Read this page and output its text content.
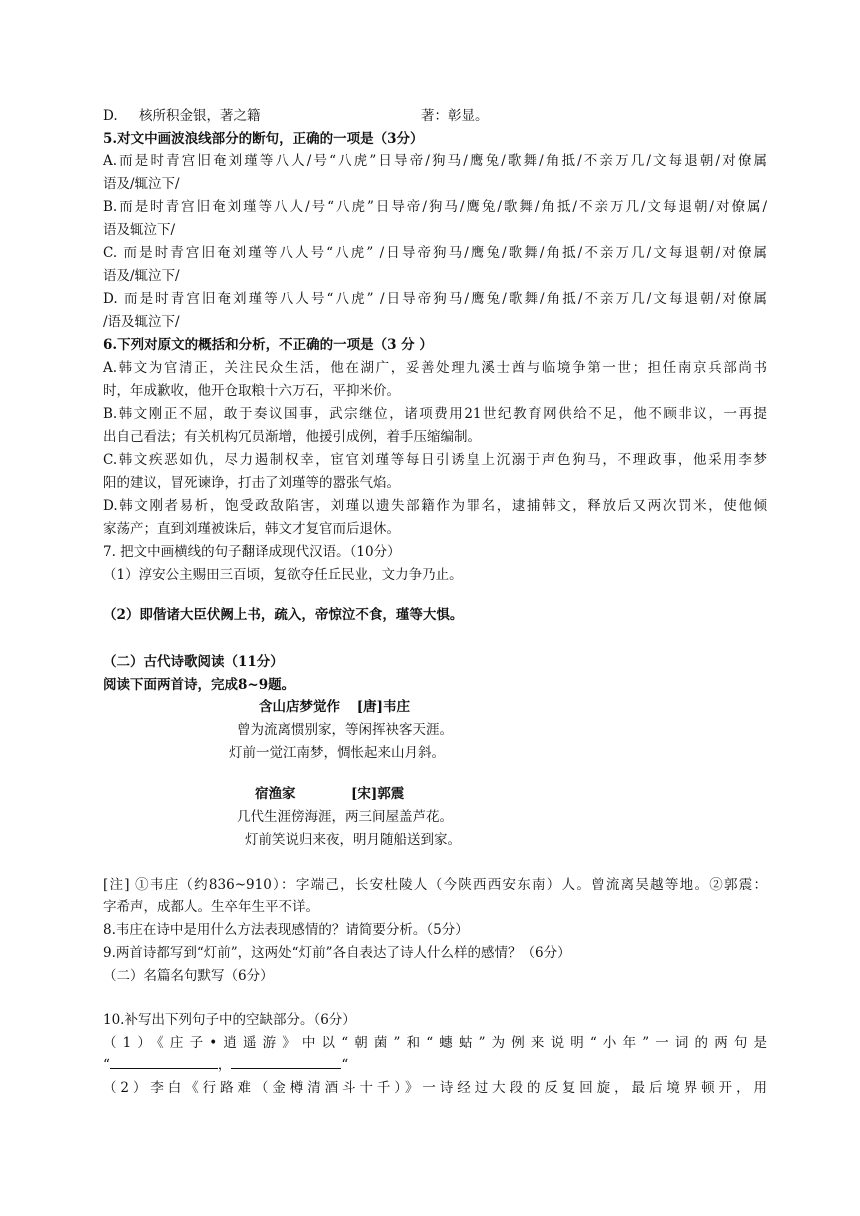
D. 核所积金银，著之籍	著：彰显。
5.对文中画波浪线部分的断句，正确的一项是（3分）
A.而是时青宫旧奄刘瑾等八人/号“八虎”日导帝/狗马/鹰兔/歌舞/角抵/不亲万几/文每退朝/对僚属
语及/辄泣下/
B.而是时青宫旧奄刘瑾等八人/号“八虎”日导帝/狗马/鹰兔/歌舞/角抵/不亲万几/文每退朝/对僚属/
语及辄泣下/
C. 而是时青宫旧奄刘瑾等八人号“八虎” /日导帝狗马/鹰兔/歌舞/角抵/不亲万几/文每退朝/对僚属
语及/辄泣下/
D. 而是时青宫旧奄刘瑾等八人号“八虎” /日导帝狗马/鹰兔/歌舞/角抵/不亲万几/文每退朝/对僚属
/语及辄泣下/
6.下列对原文的概括和分析，不正确的一项是（3 分 ）
A.韩文为官清正，关注民众生活，他在湖广，妥善处理九溪士酋与临境争第一世；担任南京兵部尚书
时，年成歉收，他开仓取粮十六万石，平抑米价。
B.韩文刚正不屈，敢于奏议国事，武宗继位，诸项费用21世纪教育网供给不足，他不顾非议，一再提
出自己看法；有关机构冗员渐增，他援引成例，着手压缩编制。
C.韩文疾恶如仇，尽力遏制权幸，宦官刘瑾等每日引诱皇上沉溺于声色狗马，不理政事，他采用李梦
阳的建议，冒死谏诤，打击了刘瑾等的嚣张气焰。
D.韩文刚者易析，饱受政敌陷害，刘瑾以遗失部籍作为罪名，逮捕韩文，释放后又两次罚米，使他倾
家荡产；直到刘瑾被诛后，韩文才复官而后退休。
7. 把文中画横线的句子翻译成现代汉语。（10分）
（1）淳安公主赐田三百顷，复欲夺任丘民业，文力争乃止。
（2）即偕诸大臣伏阙上书，疏入，帝惊泣不食，瑾等大惧。
（二）古代诗歌阅读（11分）
阅读下面两首诗，完成8~9题。
含山店梦觉作 [唐]韦庄
曾为流离惯别家，等闲挥袂客天涯。
灯前一觉江南梦，惆怅起来山月斜。
宿渔家	[宋]郭震
几代生涯傍海涯，两三间屋盖芦花。
灯前笑说归来夜，明月随船送到家。
[注] ①韦庄（约836~910）：字端己，长安杜陵人（今陕西西安东南）人。曾流离吴越等地。②郭震：
字希声，成都人。生卒年生平不详。
8.韦庄在诗中是用什么方法表现感情的？请简要分析。（5分）
9.两首诗都写到“灯前”，这两处“灯前”各自表达了诗人什么样的感情？（6分）
（二）名篇名句默写（6分）
10.补写出下列句子中的空缺部分。（6分）
（1）《庄子•逍遥游》中以“朝菌”和“蟪蛄”为例来说明“小年”一词的两句是
“	，	“
（2）李白《行路难（金樽清酒斗十千）》一诗经过大段的反复回旋，最后境界顿开，用
